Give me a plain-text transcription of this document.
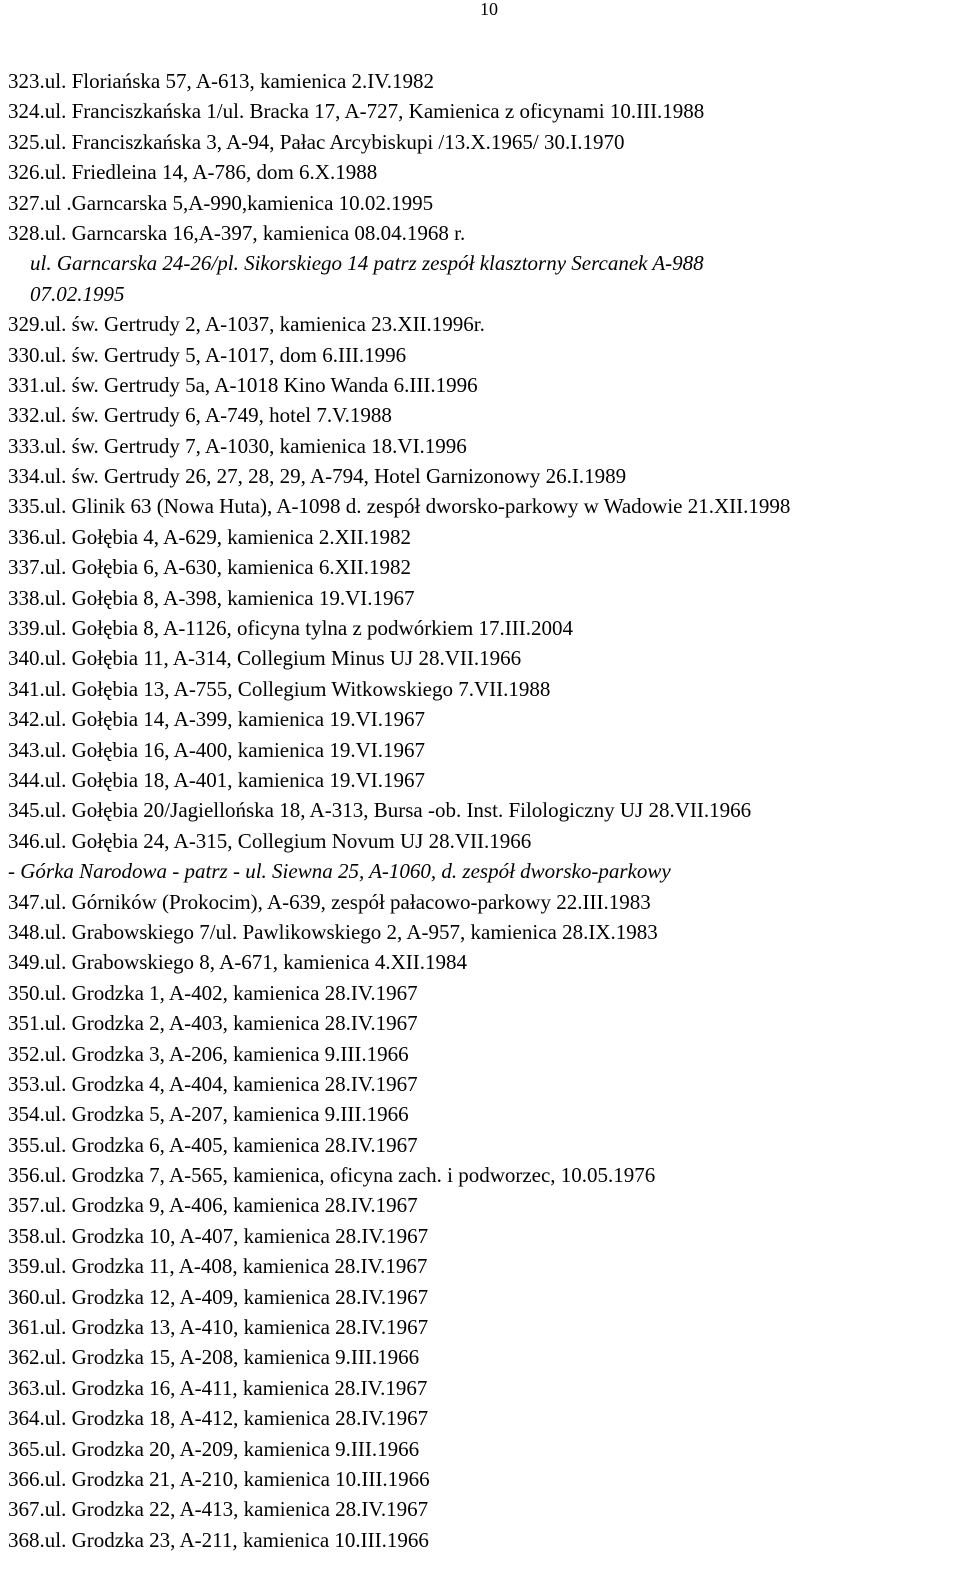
10
323.ul. Floriańska 57, A-613, kamienica 2.IV.1982
324.ul. Franciszkańska 1/ul. Bracka 17, A-727, Kamienica z oficynami 10.III.1988
325.ul. Franciszkańska 3, A-94, Pałac Arcybiskupi /13.X.1965/ 30.I.1970
326.ul. Friedleina 14, A-786, dom 6.X.1988
327.ul .Garncarska 5,A-990,kamienica 10.02.1995
328.ul. Garncarska 16,A-397, kamienica 08.04.1968 r.
ul. Garncarska 24-26/pl. Sikorskiego 14 patrz zespół klasztorny Sercanek A-988
07.02.1995
329.ul. św. Gertrudy 2, A-1037, kamienica 23.XII.1996r.
330.ul. św. Gertrudy 5, A-1017, dom 6.III.1996
331.ul. św. Gertrudy 5a, A-1018 Kino Wanda 6.III.1996
332.ul. św. Gertrudy 6, A-749, hotel 7.V.1988
333.ul. św. Gertrudy 7, A-1030, kamienica 18.VI.1996
334.ul. św. Gertrudy 26, 27, 28, 29, A-794, Hotel Garnizonowy 26.I.1989
335.ul. Glinik 63 (Nowa Huta), A-1098 d. zespół dworsko-parkowy w Wadowie 21.XII.1998
336.ul. Gołębia 4, A-629, kamienica 2.XII.1982
337.ul. Gołębia 6, A-630, kamienica 6.XII.1982
338.ul. Gołębia 8, A-398, kamienica 19.VI.1967
339.ul. Gołębia 8, A-1126, oficyna tylna z podwórkiem 17.III.2004
340.ul. Gołębia 11, A-314, Collegium Minus UJ 28.VII.1966
341.ul. Gołębia 13, A-755, Collegium Witkowskiego 7.VII.1988
342.ul. Gołębia 14, A-399, kamienica 19.VI.1967
343.ul. Gołębia 16, A-400, kamienica 19.VI.1967
344.ul. Gołębia 18, A-401, kamienica 19.VI.1967
345.ul. Gołębia 20/Jagiellońska 18, A-313, Bursa -ob. Inst. Filologiczny UJ 28.VII.1966
346.ul. Gołębia 24, A-315, Collegium Novum UJ 28.VII.1966
- Górka Narodowa - patrz - ul. Siewna 25, A-1060, d. zespół dworsko-parkowy
347.ul. Górników (Prokocim), A-639, zespół pałacowo-parkowy 22.III.1983
348.ul. Grabowskiego 7/ul. Pawlikowskiego 2, A-957, kamienica 28.IX.1983
349.ul. Grabowskiego 8, A-671, kamienica 4.XII.1984
350.ul. Grodzka 1, A-402, kamienica 28.IV.1967
351.ul. Grodzka 2, A-403, kamienica 28.IV.1967
352.ul. Grodzka 3, A-206, kamienica 9.III.1966
353.ul. Grodzka 4, A-404, kamienica 28.IV.1967
354.ul. Grodzka 5, A-207, kamienica 9.III.1966
355.ul. Grodzka 6, A-405, kamienica 28.IV.1967
356.ul. Grodzka 7, A-565, kamienica, oficyna zach. i podworzec, 10.05.1976
357.ul. Grodzka 9, A-406, kamienica 28.IV.1967
358.ul. Grodzka 10, A-407, kamienica 28.IV.1967
359.ul. Grodzka 11, A-408, kamienica 28.IV.1967
360.ul. Grodzka 12, A-409, kamienica 28.IV.1967
361.ul. Grodzka 13, A-410, kamienica 28.IV.1967
362.ul. Grodzka 15, A-208, kamienica 9.III.1966
363.ul. Grodzka 16, A-411, kamienica 28.IV.1967
364.ul. Grodzka 18, A-412, kamienica 28.IV.1967
365.ul. Grodzka 20, A-209, kamienica 9.III.1966
366.ul. Grodzka 21, A-210, kamienica 10.III.1966
367.ul. Grodzka 22, A-413, kamienica 28.IV.1967
368.ul. Grodzka 23, A-211, kamienica 10.III.1966
